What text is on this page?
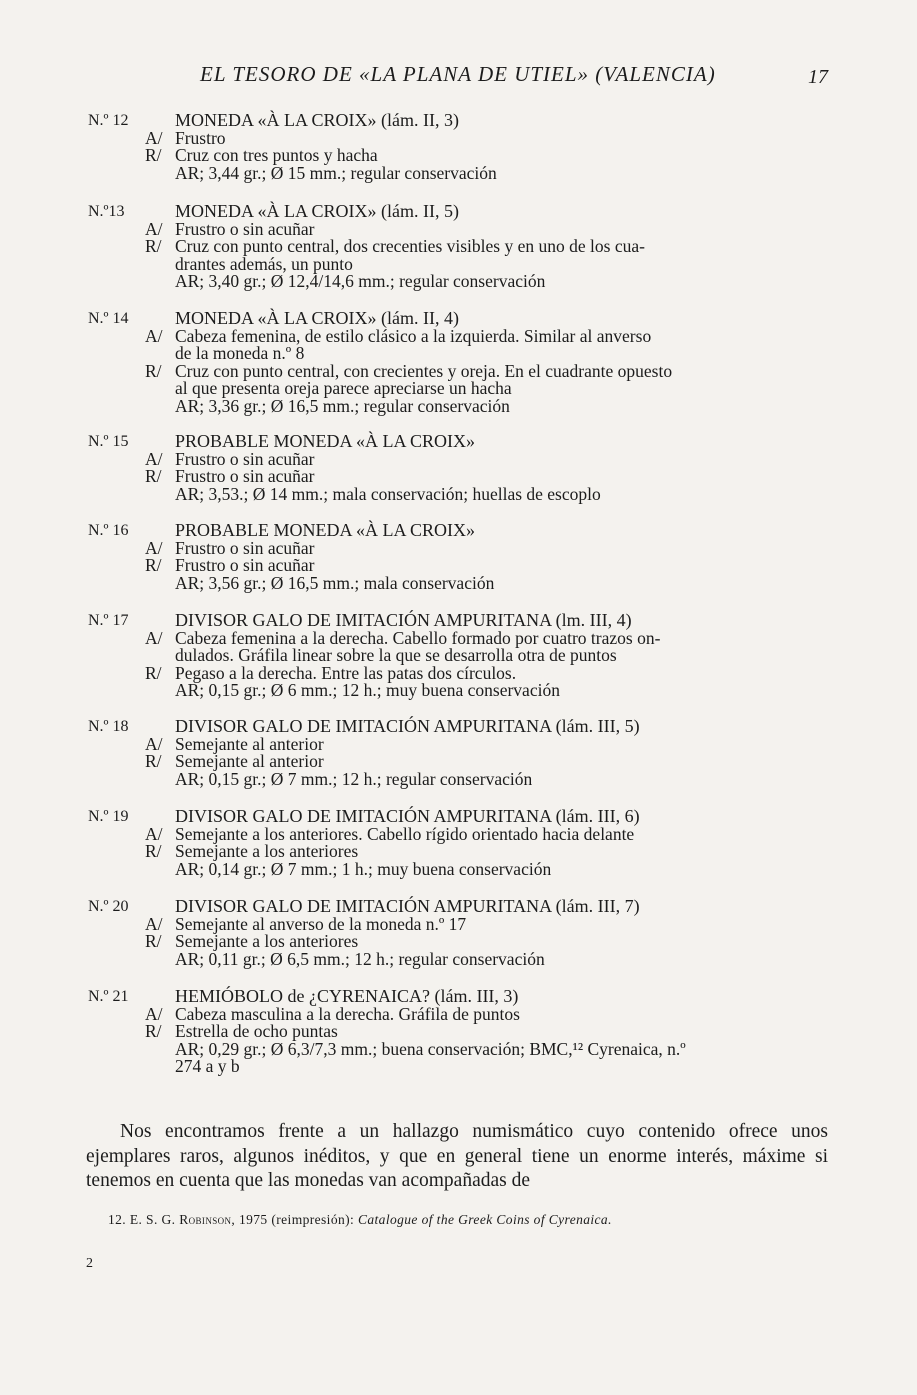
EL TESORO DE «LA PLANA DE UTIEL» (VALENCIA)	17
N.º 12	MONEDA «À LA CROIX» (lám. II, 3)
A/ Frustro
R/ Cruz con tres puntos y hacha
AR; 3,44 gr.; Ø 15 mm.; regular conservación
N.º13	MONEDA «À LA CROIX» (lám. II, 5)
A/ Frustro o sin acuñar
R/ Cruz con punto central, dos crecenties visibles y en uno de los cua-
drantes además, un punto
AR; 3,40 gr.; Ø 12,4/14,6 mm.; regular conservación
N.º 14	MONEDA «À LA CROIX» (lám. II, 4)
A/ Cabeza femenina, de estilo clásico a la izquierda. Similar al anverso
de la moneda n.º 8
R/ Cruz con punto central, con crecientes y oreja. En el cuadrante opuesto
al que presenta oreja parece apreciarse un hacha
AR; 3,36 gr.; Ø 16,5 mm.; regular conservación
N.º 15	PROBABLE MONEDA «À LA CROIX»
A/ Frustro o sin acuñar
R/ Frustro o sin acuñar
AR; 3,53.; Ø 14 mm.; mala conservación; huellas de escoplo
N.º 16	PROBABLE MONEDA «À LA CROIX»
A/ Frustro o sin acuñar
R/ Frustro o sin acuñar
AR; 3,56 gr.; Ø 16,5 mm.; mala conservación
N.º 17	DIVISOR GALO DE IMITACIÓN AMPURITANA (lm. III, 4)
A/ Cabeza femenina a la derecha. Cabello formado por cuatro trazos on-
dulados. Gráfila linear sobre la que se desarrolla otra de puntos
R/ Pegaso a la derecha. Entre las patas dos círculos.
AR; 0,15 gr.; Ø 6 mm.; 12 h.; muy buena conservación
N.º 18	DIVISOR GALO DE IMITACIÓN AMPURITANA (lám. III, 5)
A/ Semejante al anterior
R/ Semejante al anterior
AR; 0,15 gr.; Ø 7 mm.; 12 h.; regular conservación
N.º 19	DIVISOR GALO DE IMITACIÓN AMPURITANA (lám. III, 6)
A/ Semejante a los anteriores. Cabello rígido orientado hacia delante
R/ Semejante a los anteriores
AR; 0,14 gr.; Ø 7 mm.; 1 h.; muy buena conservación
N.º 20	DIVISOR GALO DE IMITACIÓN AMPURITANA (lám. III, 7)
A/ Semejante al anverso de la moneda n.º 17
R/ Semejante a los anteriores
AR; 0,11 gr.; Ø 6,5 mm.; 12 h.; regular conservación
N.º 21	HEMIÓBOLO de ¿CYRENAICA? (lám. III, 3)
A/ Cabeza masculina a la derecha. Gráfila de puntos
R/ Estrella de ocho puntas
AR; 0,29 gr.; Ø 6,3/7,3 mm.; buena conservación; BMC,¹² Cyrenaica, n.º
274 a y b
Nos encontramos frente a un hallazgo numismático cuyo contenido ofrece unos ejemplares raros, algunos inéditos, y que en general tiene un enorme interés, máxime si tenemos en cuenta que las monedas van acompañadas de
12. E. S. G. Robinson, 1975 (reimpresión): Catalogue of the Greek Coins of Cyrenaica.
2
